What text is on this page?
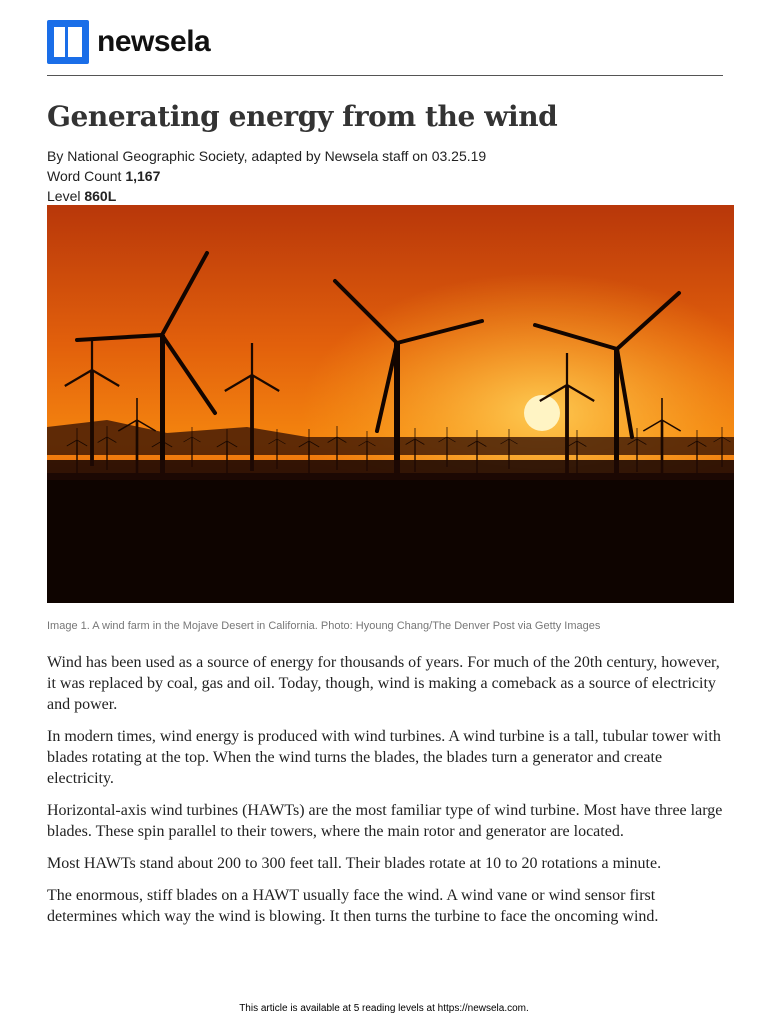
newsela
Generating energy from the wind
By National Geographic Society, adapted by Newsela staff on 03.25.19
Word Count 1,167
Level 860L
Image 1. A wind farm in the Mojave Desert in California. Photo: Hyoung Chang/The Denver Post via Getty Images

Wind has been used as a source of energy for thousands of years. For much of the 20th century, however, it was replaced by coal, gas and oil. Today, though, wind is making a comeback as a source of electricity and power.

In modern times, wind energy is produced with wind turbines. A wind turbine is a tall, tubular tower with blades rotating at the top. When the wind turns the blades, the blades turn a generator and create electricity.

Horizontal-axis wind turbines (HAWTs) are the most familiar type of wind turbine. Most have three large blades. These spin parallel to their towers, where the main rotor and generator are located.

Most HAWTs stand about 200 to 300 feet tall. Their blades rotate at 10 to 20 rotations a minute.

The enormous, stiff blades on a HAWT usually face the wind. A wind vane or wind sensor first determines which way the wind is blowing. It then turns the turbine to face the oncoming wind.

This article is available at 5 reading levels at https://newsela.com.
